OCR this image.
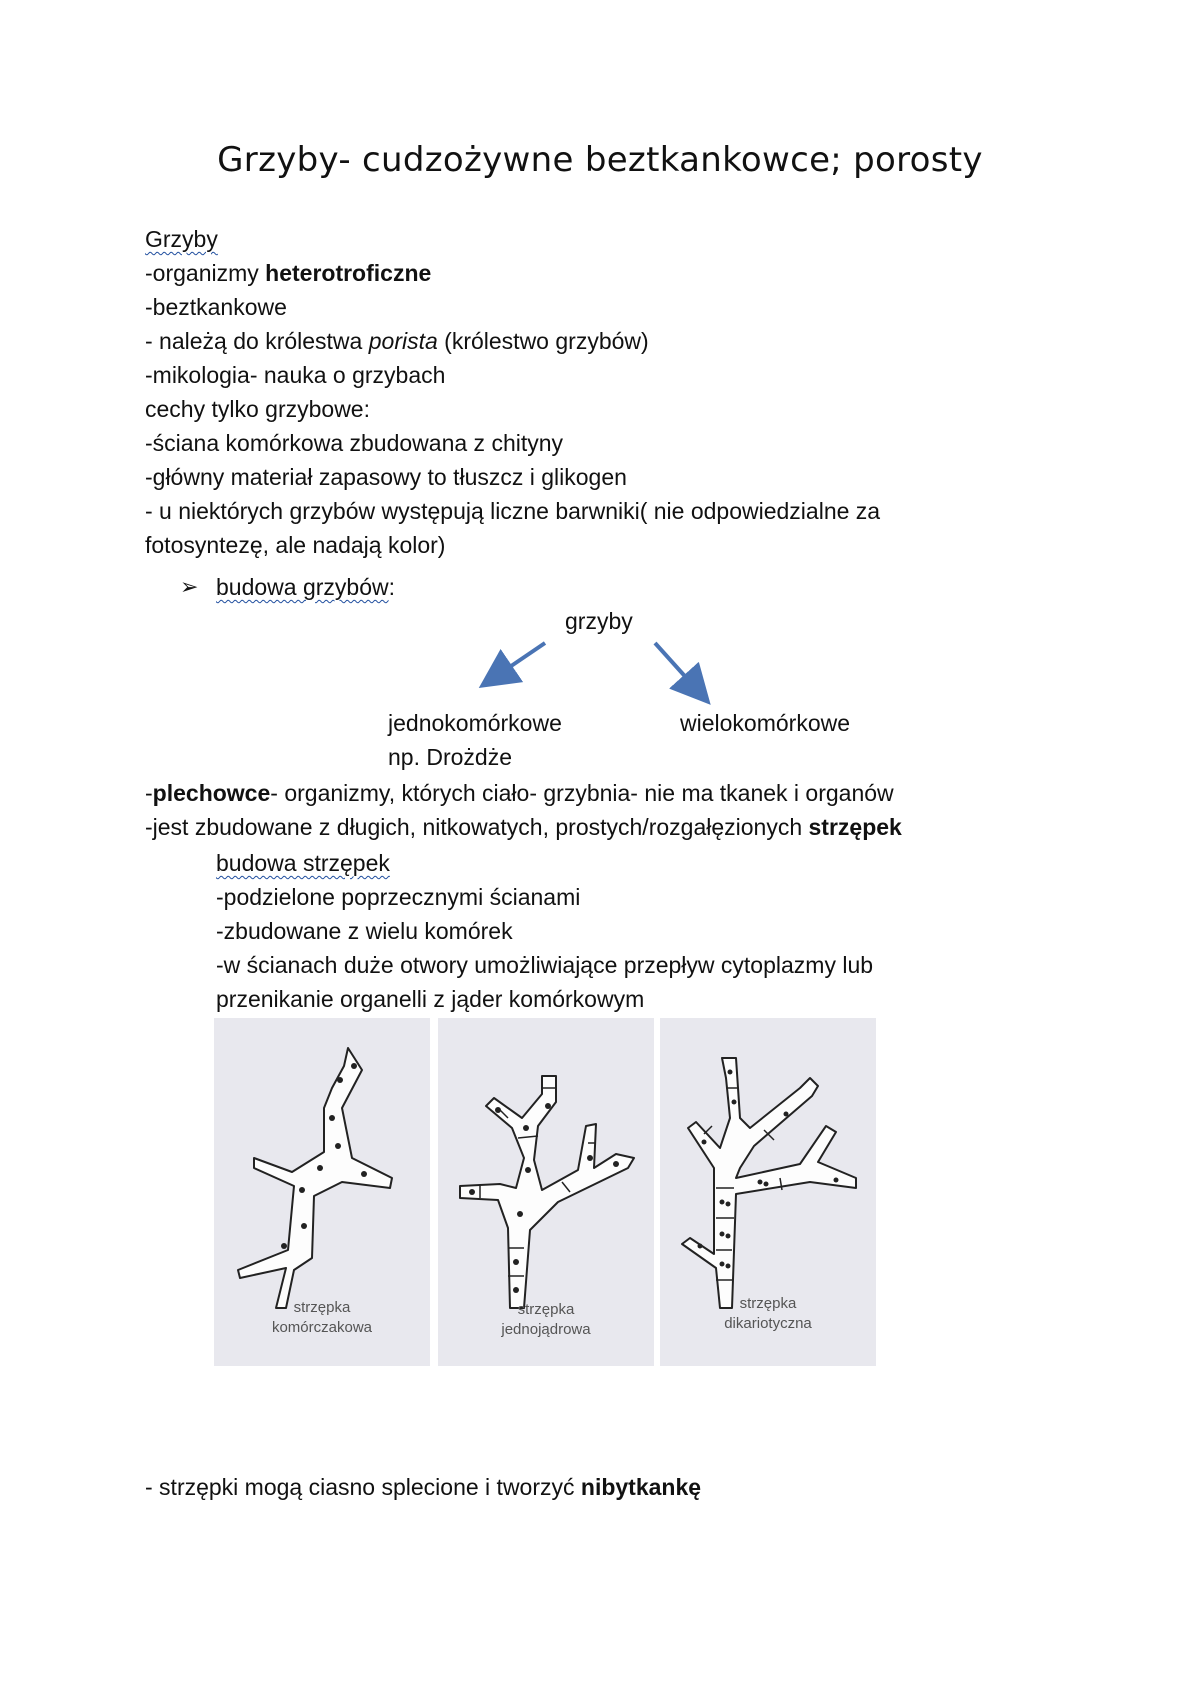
Grzyby- cudzożywne beztkankowce; porosty
Grzyby
-organizmy heterotroficzne
-beztkankowe
- należą do królestwa porista (królestwo grzybów)
-mikologia- nauka o grzybach
cechy tylko grzybowe:
-ściana komórkowa zbudowana z chityny
-główny materiał zapasowy to tłuszcz i glikogen
- u niektórych grzybów występują liczne barwniki( nie odpowiedzialne za
fotosyntezę, ale nadają kolor)
➢ budowa grzybów:
grzyby
jednokomórkowe	wielokomórkowe
np. Drożdże
-plechowce- organizmy, których ciało- grzybnia- nie ma tkanek i organów
-jest zbudowane z długich, nitkowatych, prostych/rozgałęzionych strzępek
budowa strzępek
-podzielone poprzecznymi ścianami
-zbudowane z wielu komórek
-w ścianach duże otwory umożliwiające przepływ cytoplazmy lub
przenikanie organelli z jąder komórkowym
strzępka
komórczakowa
strzępka
jednojądrowa
strzępka
dikariotyczna
- strzępki mogą ciasno splecione i tworzyć nibytkankę
